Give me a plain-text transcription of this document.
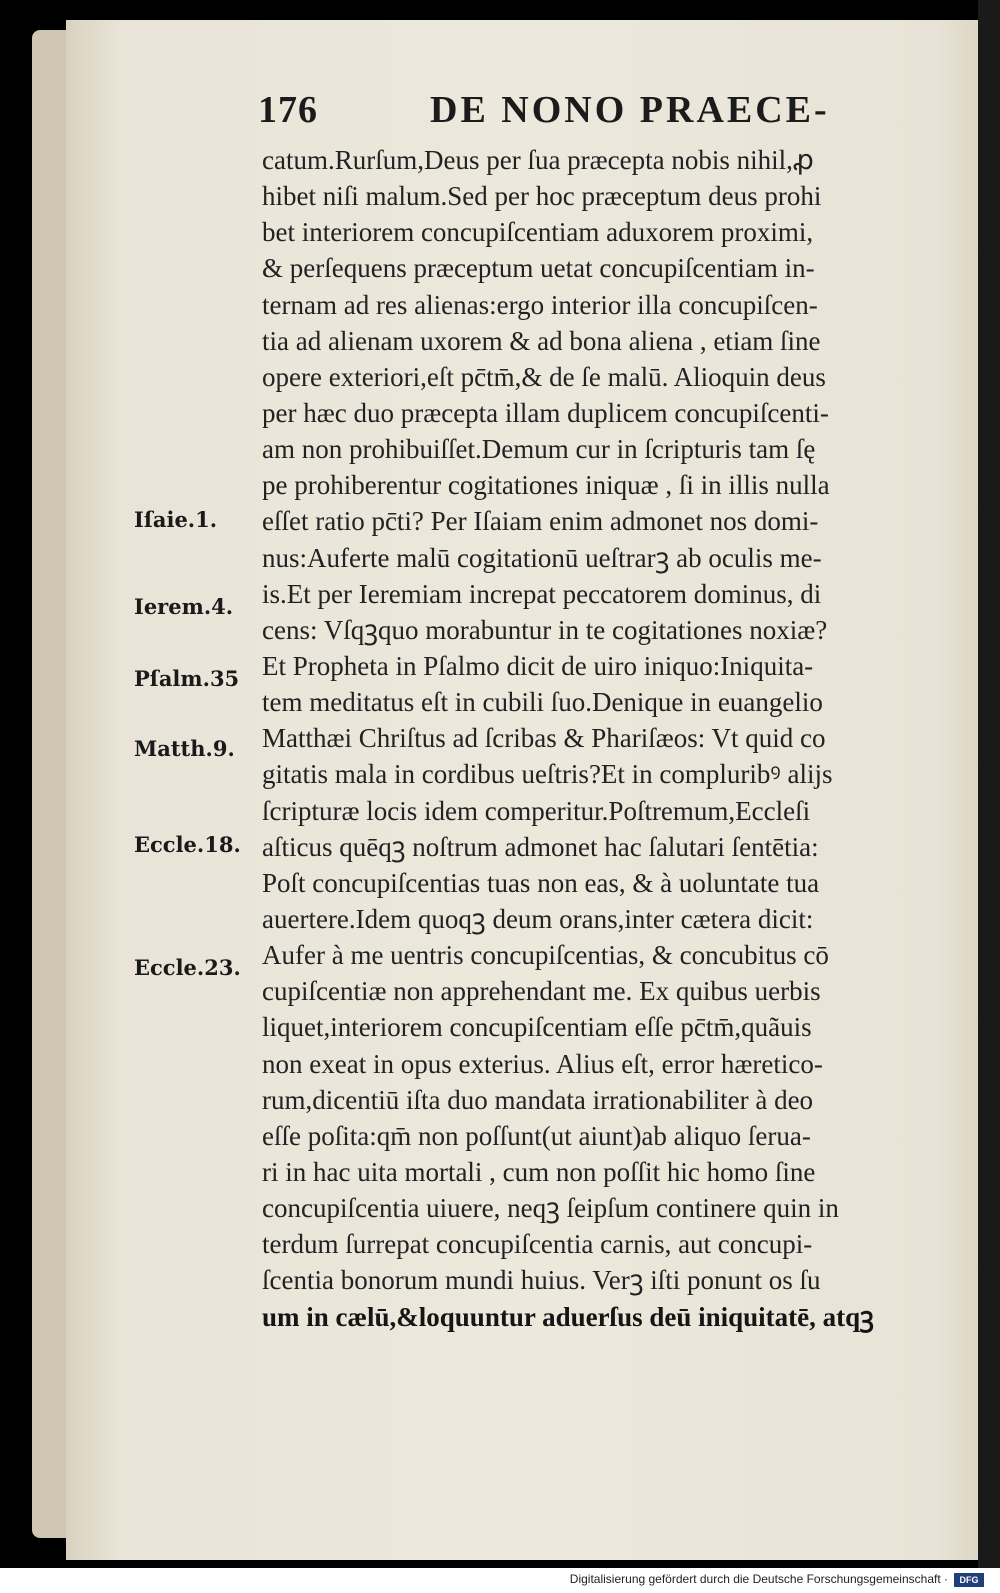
176	DE NONO PRAECE-
catum.Rurſum,Deus per ſua præcepta nobis nihil,ꝓ
hibet niſi malum.Sed per hoc præceptum deus prohi
bet interiorem concupiſcentiam aduxorem proximi,
& perſequens præceptum uetat concupiſcentiam in-
ternam ad res alienas:ergo interior illa concupiſcen-
tia ad alienam uxorem & ad bona aliena , etiam ſine
opere exteriori,eſt pc̄tm̄,& de ſe malū. Alioquin deus
per hæc duo præcepta illam duplicem concupiſcenti-
am non prohibuiſſet.Demum cur in ſcripturis tam ſę
pe prohiberentur cogitationes iniquæ , ſi in illis nulla
eſſet ratio pc̄ti? Per Iſaiam enim admonet nos domi-
nus:Auferte malū cogitationū ueſtrarꝫ ab oculis me-
is.Et per Ieremiam increpat peccatorem dominus, di
cens: Vſqꝫquo morabuntur in te cogitationes noxiæ?
Et Propheta in Pſalmo dicit de uiro iniquo:Iniquita-
tem meditatus eſt in cubili ſuo.Denique in euangelio
Matthæi Chriſtus ad ſcribas & Phariſæos: Vt quid co
gitatis mala in cordibus ueſtris?Et in compluribꝰ alijs
ſcripturæ locis idem comperitur.Poſtremum,Eccleſi
aſticus quēqꝫ noſtrum admonet hac ſalutari ſentētia:
Poſt concupiſcentias tuas non eas, & à uoluntate tua
auertere.Idem quoqꝫ deum orans,inter cætera dicit:
Aufer à me uentris concupiſcentias, & concubitus cō
cupiſcentiæ non apprehendant me. Ex quibus uerbis
liquet,interiorem concupiſcentiam eſſe pc̄tm̄,quãuis
non exeat in opus exterius. Alius eſt, error hæretico-
rum,dicentiū iſta duo mandata irrationabiliter à deo
eſſe poſita:qm̄ non poſſunt(ut aiunt)ab aliquo ſerua-
ri in hac uita mortali , cum non poſſit hic homo ſine
concupiſcentia uiuere, neqꝫ ſeipſum continere quin in
terdum ſurrepat concupiſcentia carnis, aut concupi-
ſcentia bonorum mundi huius. Verꝫ iſti ponunt os ſu
um in cælū,&loquuntur aduerſus deū iniquitatē, atqꝫ
Iſaie.1.
Ierem.4.
Pſalm.35
Matth.9.
Eccle.18.
Eccle.23.
Digitalisierung gefördert durch die Deutsche Forschungsgemeinschaft ·	DFG
